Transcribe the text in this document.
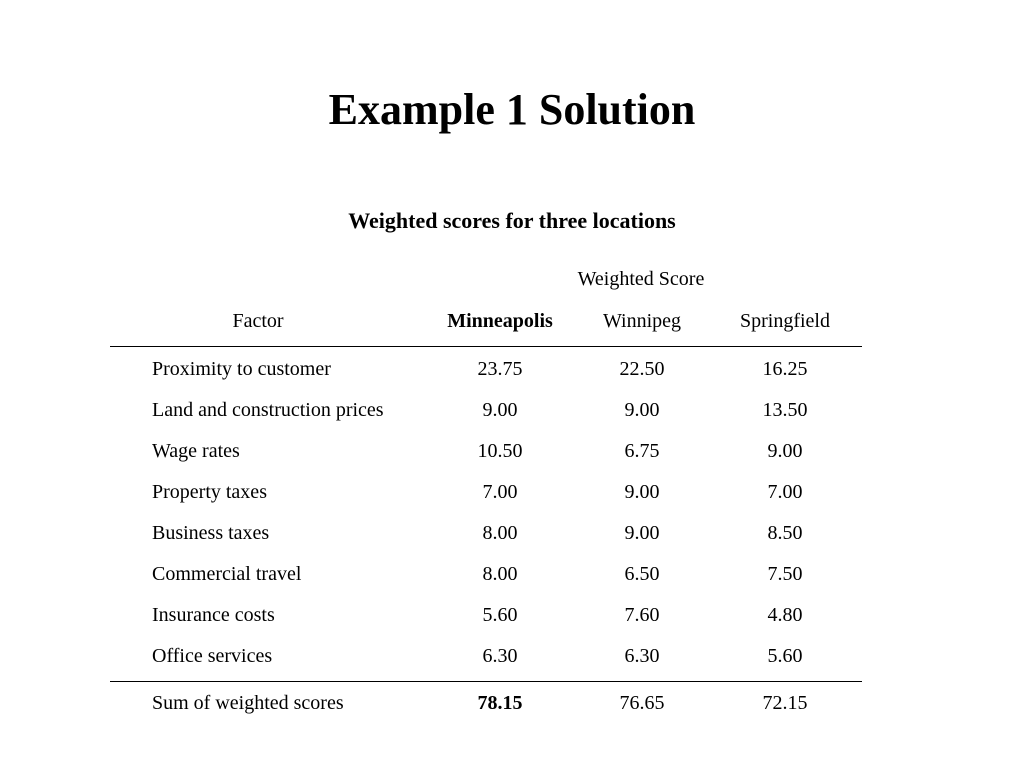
Example 1 Solution
Weighted scores for three locations
Weighted Score
Factor	Minneapolis	Winnipeg	Springfield
Proximity to customer	23.75	22.50	16.25
Land and construction prices	9.00	9.00	13.50
Wage rates	10.50	6.75	9.00
Property taxes	7.00	9.00	7.00
Business taxes	8.00	9.00	8.50
Commercial travel	8.00	6.50	7.50
Insurance costs	5.60	7.60	4.80
Office services	6.30	6.30	5.60
Sum of weighted scores	78.15	76.65	72.15
